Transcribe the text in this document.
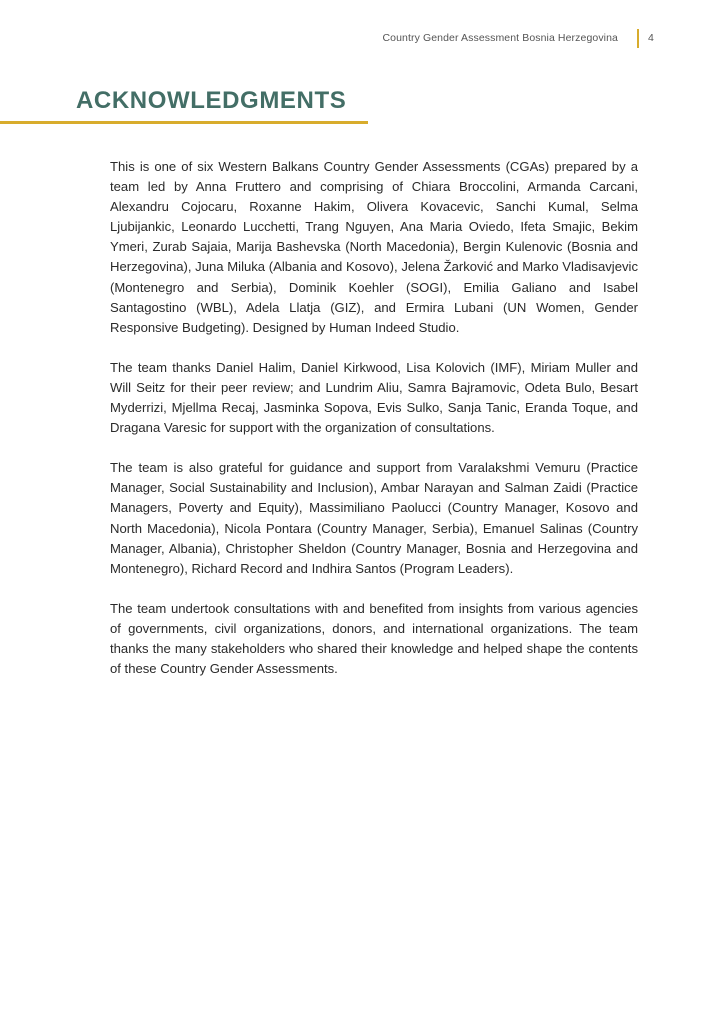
Country Gender Assessment Bosnia Herzegovina	4
ACKNOWLEDGMENTS

This is one of six Western Balkans Country Gender Assessments (CGAs) prepared by a team led by Anna Fruttero and comprising of Chiara Broccolini, Armanda Carcani, Alexandru Cojocaru, Roxanne Hakim, Olivera Kovacevic, Sanchi Kumal, Selma Ljubijankic, Leonardo Lucchetti, Trang Nguyen, Ana Maria Oviedo, Ifeta Smajic, Bekim Ymeri, Zurab Sajaia, Marija Bashevska (North Macedonia), Bergin Kulenovic (Bosnia and Herzegovina), Juna Miluka (Albania and Kosovo), Jelena Žarković and Marko Vladisavjevic (Montenegro and Serbia), Dominik Koehler (SOGI), Emilia Galiano and Isabel Santagostino (WBL), Adela Llatja (GIZ), and Ermira Lubani (UN Women, Gender Responsive Budgeting). Designed by Human Indeed Studio.

The team thanks Daniel Halim, Daniel Kirkwood, Lisa Kolovich (IMF), Miriam Muller and Will Seitz for their peer review; and Lundrim Aliu, Samra Bajramovic, Odeta Bulo, Besart Myderrizi, Mjellma Recaj, Jasminka Sopova, Evis Sulko, Sanja Tanic, Eranda Toque, and Dragana Varesic for support with the organization of consultations.

The team is also grateful for guidance and support from Varalakshmi Vemuru (Practice Manager, Social Sustainability and Inclusion), Ambar Narayan and Salman Zaidi (Practice Managers, Poverty and Equity), Massimiliano Paolucci (Country Manager, Kosovo and North Macedonia), Nicola Pontara (Country Manager, Serbia), Emanuel Salinas (Country Manager, Albania), Christopher Sheldon (Country Manager, Bosnia and Herzegovina and Montenegro), Richard Record and Indhira Santos (Program Leaders).

The team undertook consultations with and benefited from insights from various agencies of governments, civil organizations, donors, and international organizations. The team thanks the many stakeholders who shared their knowledge and helped shape the contents of these Country Gender Assessments.
